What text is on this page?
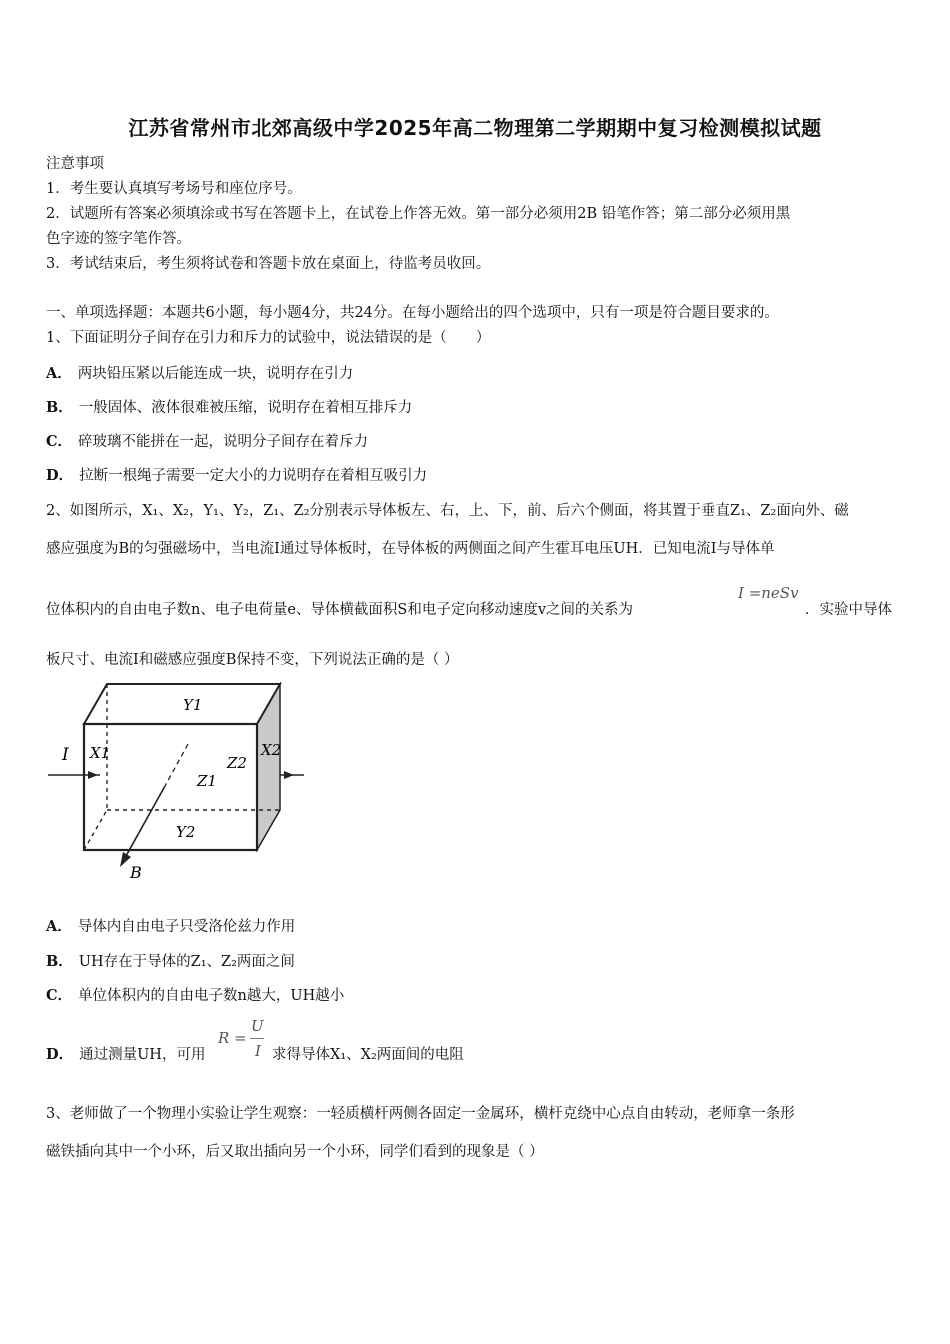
江苏省常州市北郊高级中学2025年高二物理第二学期期中复习检测模拟试题
注意事项
1．考生要认真填写考场号和座位序号。
2．试题所有答案必须填涂或书写在答题卡上，在试卷上作答无效。第一部分必须用2B 铅笔作答；第二部分必须用黑
色字迹的签字笔作答。
3．考试结束后，考生须将试卷和答题卡放在桌面上，待监考员收回。
一、单项选择题：本题共6小题，每小题4分，共24分。在每小题给出的四个选项中，只有一项是符合题目要求的。
1、下面证明分子间存在引力和斥力的试验中，说法错误的是（　　）
A． 两块铅压紧以后能连成一块，说明存在引力
B． 一般固体、液体很难被压缩，说明存在着相互排斥力
C． 碎玻璃不能拼在一起，说明分子间存在着斥力
D． 拉断一根绳子需要一定大小的力说明存在着相互吸引力
2、如图所示，X₁、X₂，Y₁、Y₂，Z₁、Z₂分别表示导体板左、右，上、下，前、后六个侧面，将其置于垂直Z₁、Z₂面向外、磁
感应强度为B的匀强磁场中，当电流I通过导体板时，在导体板的两侧面之间产生霍耳电压UH．已知电流I与导体单
位体积内的自由电子数n、电子电荷量e、导体横截面积S和电子定向移动速度v之间的关系为
I =neSv
．实验中导体
板尺寸、电流I和磁感应强度B保持不变，下列说法正确的是（ ）
I X1	X2
Y1
Y2
Z1
Z2
B
A． 导体内自由电子只受洛伦兹力作用
B． UH存在于导体的Z₁、Z₂两面之间
C． 单位体积内的自由电子数n越大，UH越小
D． 通过测量UH，可用
R =
U
I 求得导体X₁、X₂两面间的电阻
3、老师做了一个物理小实验让学生观察：一轻质横杆两侧各固定一金属环，横杆克绕中心点自由转动，老师拿一条形
磁铁插向其中一个小环，后又取出插向另一个小环，同学们看到的现象是（ ）
